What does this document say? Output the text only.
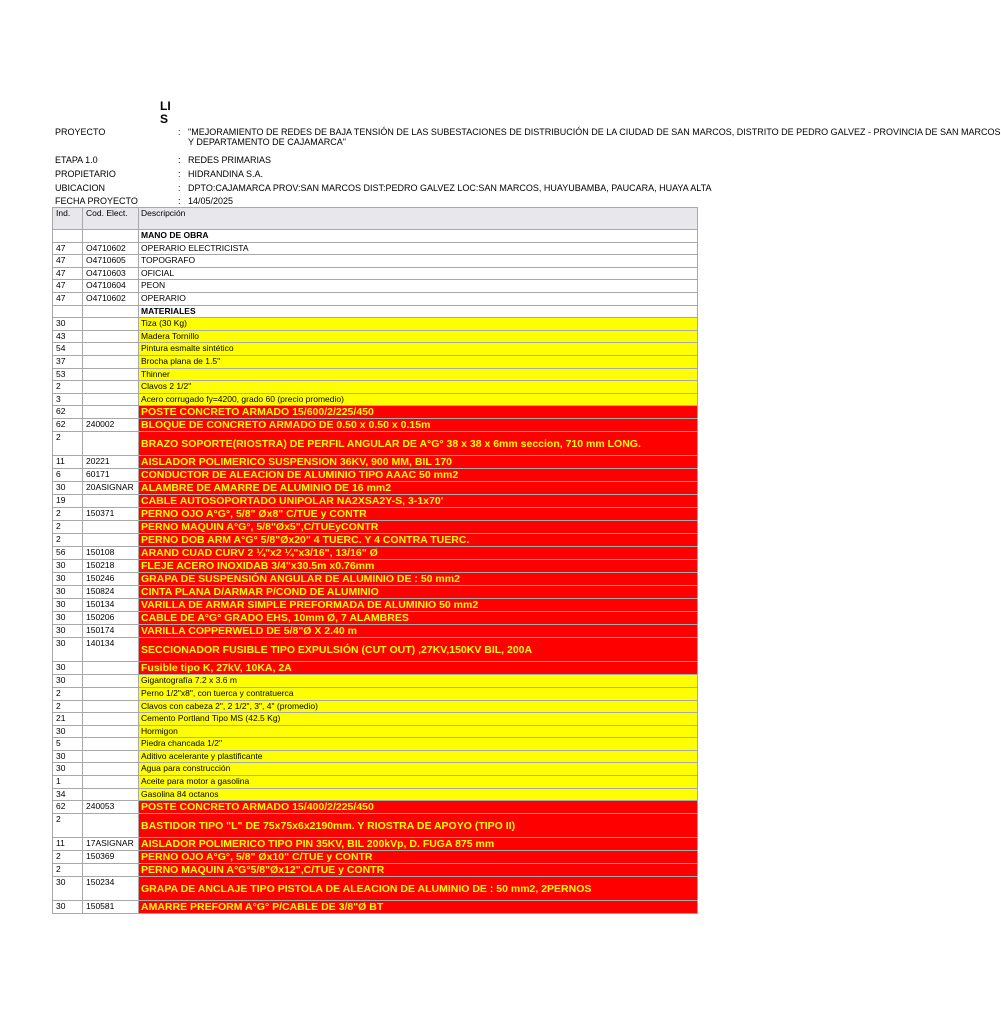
LI
S
PROYECTO	: "MEJORAMIENTO DE REDES DE BAJA TENSIÓN DE LAS SUBESTACIONES DE DISTRIBUCIÓN DE LA CIUDAD DE SAN MARCOS, DISTRITO DE PEDRO GALVEZ - PROVINCIA DE SAN MARCOS
Y DEPARTAMENTO DE CAJAMARCA"
ETAPA 1.0	: REDES PRIMARIAS
PROPIETARIO	: HIDRANDINA S.A.
UBICACION	: DPTO:CAJAMARCA PROV:SAN MARCOS DIST:PEDRO GALVEZ LOC:SAN MARCOS, HUAYUBAMBA, PAUCARA, HUAYA ALTA
FECHA PROYECTO	: 14/05/2025
Ind.	Cod. Elect.	Descripción
		MANO DE OBRA
47	O4710602	OPERARIO ELECTRICISTA
47	O4710605	TOPOGRAFO
47	O4710603	OFICIAL
47	O4710604	PEON
47	O4710602	OPERARIO
		MATERIALES
30		Tiza (30 Kg)
43		Madera Tornillo
54		Pintura esmalte sintético
37		Brocha plana de 1.5"
53		Thinner
2		Clavos 2 1/2"
3		Acero corrugado fy=4200, grado 60 (precio promedio)
62		POSTE CONCRETO ARMADO 15/600/2/225/450
62	240002	BLOQUE DE CONCRETO ARMADO DE 0.50 x 0.50 x 0.15m
2		BRAZO SOPORTE(RIOSTRA) DE PERFIL ANGULAR DE A°G° 38 x 38 x 6mm seccion, 710 mm LONG.
11	20221	AISLADOR POLIMERICO SUSPENSION 36KV, 900 MM, BIL 170
6	60171	CONDUCTOR DE ALEACION DE ALUMINIO TIPO AAAC 50 mm2
30	20ASIGNAR	ALAMBRE DE AMARRE DE ALUMINIO DE 16 mm2
19		CABLE AUTOSOPORTADO UNIPOLAR NA2XSA2Y-S, 3-1x70'
2	150371	PERNO OJO A°G°, 5/8" Øx8" C/TUE y CONTR
2		PERNO MAQUIN A°G°, 5/8"Øx5",C/TUEyCONTR
2		PERNO DOB ARM A°G° 5/8"Øx20" 4 TUERC. Y 4 CONTRA TUERC.
56	150108	ARAND CUAD CURV 2 ¼"x2 ¼"x3/16", 13/16" Ø
30	150218	FLEJE ACERO INOXIDAB 3/4"x30.5m x0.76mm
30	150246	GRAPA DE SUSPENSIÓN ANGULAR DE ALUMINIO DE : 50 mm2
30	150824	CINTA PLANA D/ARMAR P/COND DE ALUMINIO
30	150134	VARILLA DE ARMAR SIMPLE PREFORMADA DE ALUMINIO 50 mm2
30	150206	CABLE DE A°G° GRADO EHS, 10mm Ø, 7 ALAMBRES
30	150174	VARILLA COPPERWELD DE 5/8"Ø X 2.40 m
30	140134	SECCIONADOR FUSIBLE TIPO EXPULSIÓN (CUT OUT) ,27KV,150KV BIL, 200A
30		Fusible tipo K, 27kV, 10KA, 2A
30		Gigantografía 7.2 x 3.6 m
2		Perno 1/2"x8", con tuerca y contratuerca
2		Clavos con cabeza 2", 2 1/2", 3", 4" (promedio)
21		Cemento Portland Tipo MS (42.5 Kg)
30		Hormigon
5		Piedra chancada 1/2"
30		Aditivo acelerante y plastificante
30		Agua para construcción
1		Aceite para motor a gasolina
34		Gasolina 84 octanos
62	240053	POSTE CONCRETO ARMADO 15/400/2/225/450
2		BASTIDOR TIPO "L" DE 75x75x6x2190mm. Y RIOSTRA DE APOYO (TIPO II)
11	17ASIGNAR	AISLADOR POLIMERICO TIPO PIN 35KV, BIL 200kVp, D. FUGA 875 mm
2	150369	PERNO OJO A°G°, 5/8" Øx10" C/TUE y CONTR
2		PERNO MAQUIN A°G°5/8"Øx12",C/TUE y CONTR
30	150234	GRAPA DE ANCLAJE TIPO PISTOLA DE ALEACION DE ALUMINIO DE : 50 mm2, 2PERNOS
30	150581	AMARRE PREFORM A°G° P/CABLE DE 3/8"Ø BT
